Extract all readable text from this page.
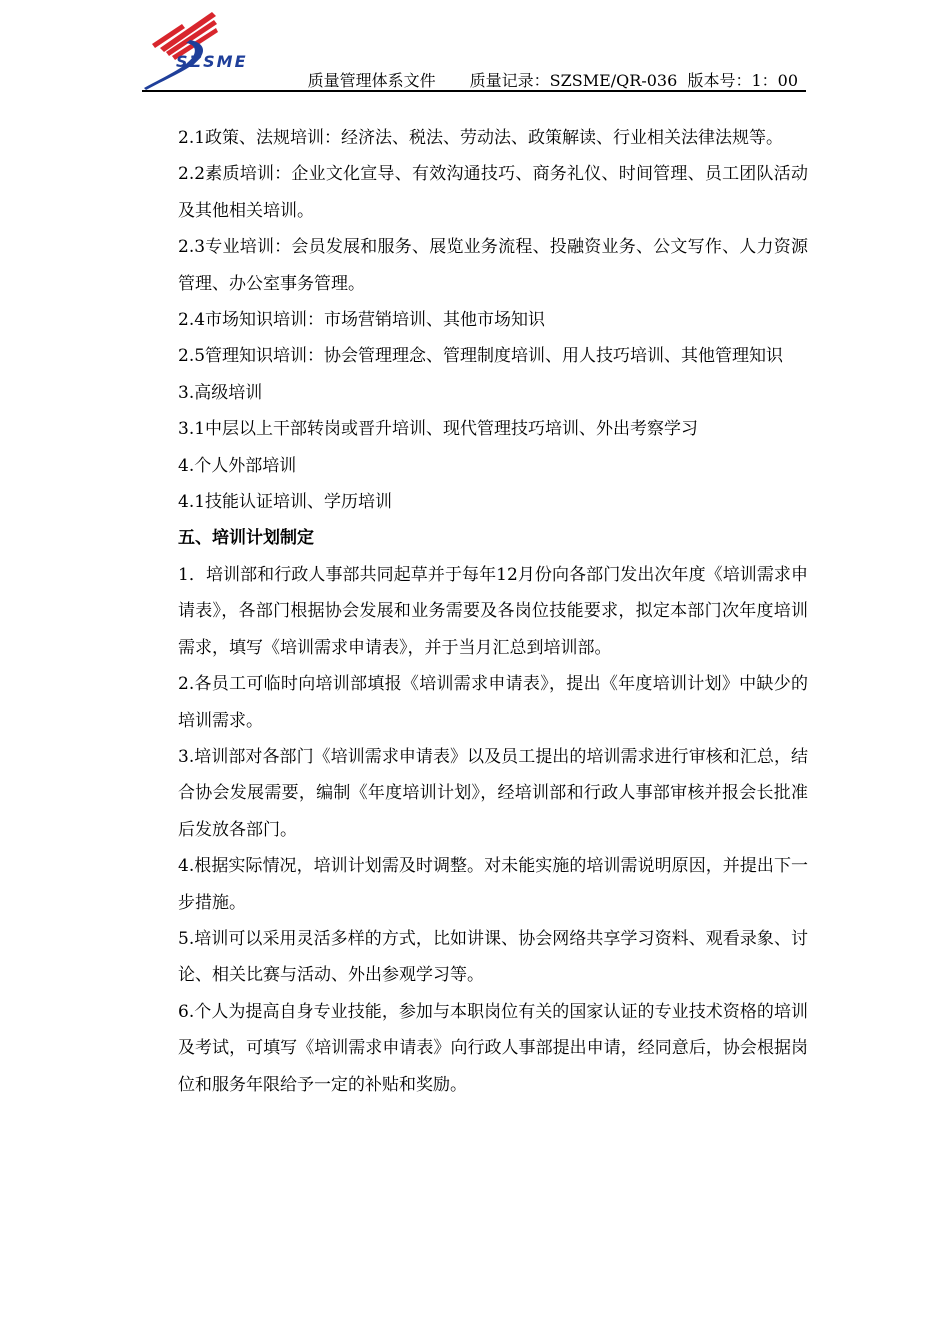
SZSME
质量管理体系文件 质量记录：SZSME/QR-036 版本号：1：00

2.1政策、法规培训：经济法、税法、劳动法、政策解读、行业相关法律法规等。

2.2素质培训：企业文化宣导、有效沟通技巧、商务礼仪、时间管理、员工团队活动及其他相关培训。

2.3专业培训：会员发展和服务、展览业务流程、投融资业务、公文写作、人力资源管理、办公室事务管理。

2.4市场知识培训：市场营销培训、其他市场知识

2.5管理知识培训：协会管理理念、管理制度培训、用人技巧培训、其他管理知识

3.高级培训

3.1中层以上干部转岗或晋升培训、现代管理技巧培训、外出考察学习

4.个人外部培训

4.1技能认证培训、学历培训

五、培训计划制定

1．培训部和行政人事部共同起草并于每年12月份向各部门发出次年度《培训需求申请表》，各部门根据协会发展和业务需要及各岗位技能要求，拟定本部门次年度培训需求，填写《培训需求申请表》，并于当月汇总到培训部。

2.各员工可临时向培训部填报《培训需求申请表》，提出《年度培训计划》中缺少的培训需求。

3.培训部对各部门《培训需求申请表》以及员工提出的培训需求进行审核和汇总，结合协会发展需要，编制《年度培训计划》，经培训部和行政人事部审核并报会长批准后发放各部门。

4.根据实际情况，培训计划需及时调整。对未能实施的培训需说明原因，并提出下一步措施。

5.培训可以采用灵活多样的方式，比如讲课、协会网络共享学习资料、观看录象、讨论、相关比赛与活动、外出参观学习等。

6.个人为提高自身专业技能，参加与本职岗位有关的国家认证的专业技术资格的培训及考试，可填写《培训需求申请表》向行政人事部提出申请，经同意后，协会根据岗位和服务年限给予一定的补贴和奖励。
